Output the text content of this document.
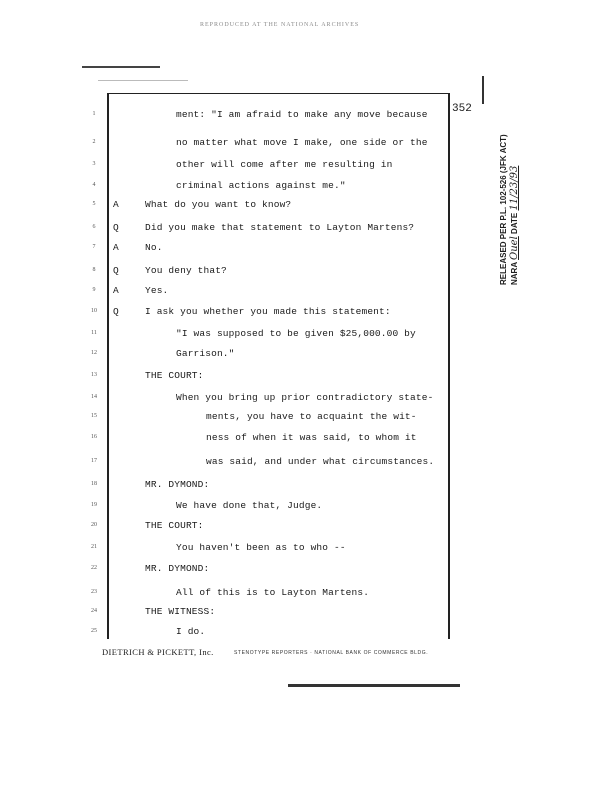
REPRODUCED AT THE NATIONAL ARCHIVES
352
RELEASED PER P.L. 102-526 (JFK ACT) NARA Ouel DATE 11/23/93
1	ment: "I am afraid to make any move because
2	no matter what move I make, one side or the
3	other will come after me resulting in
4	criminal actions against me."
5	A	What do you want to know?
6	Q	Did you make that statement to Layton Martens?
7	A	No.
8	Q	You deny that?
9	A	Yes.
10	Q	I ask you whether you made this statement:
11	"I was supposed to be given $25,000.00 by
12	Garrison."
13	THE COURT:
14	When you bring up prior contradictory state-
15	ments, you have to acquaint the wit-
16	ness of when it was said, to whom it
17	was said, and under what circumstances.
18	MR. DYMOND:
19	We have done that, Judge.
20	THE COURT:
21	You haven't been as to who --
22	MR. DYMOND:
23	All of this is to Layton Martens.
24	THE WITNESS:
25	I do.
DIETRICH & PICKETT, Inc.	STENOTYPE REPORTERS · NATIONAL BANK OF COMMERCE BLDG.
